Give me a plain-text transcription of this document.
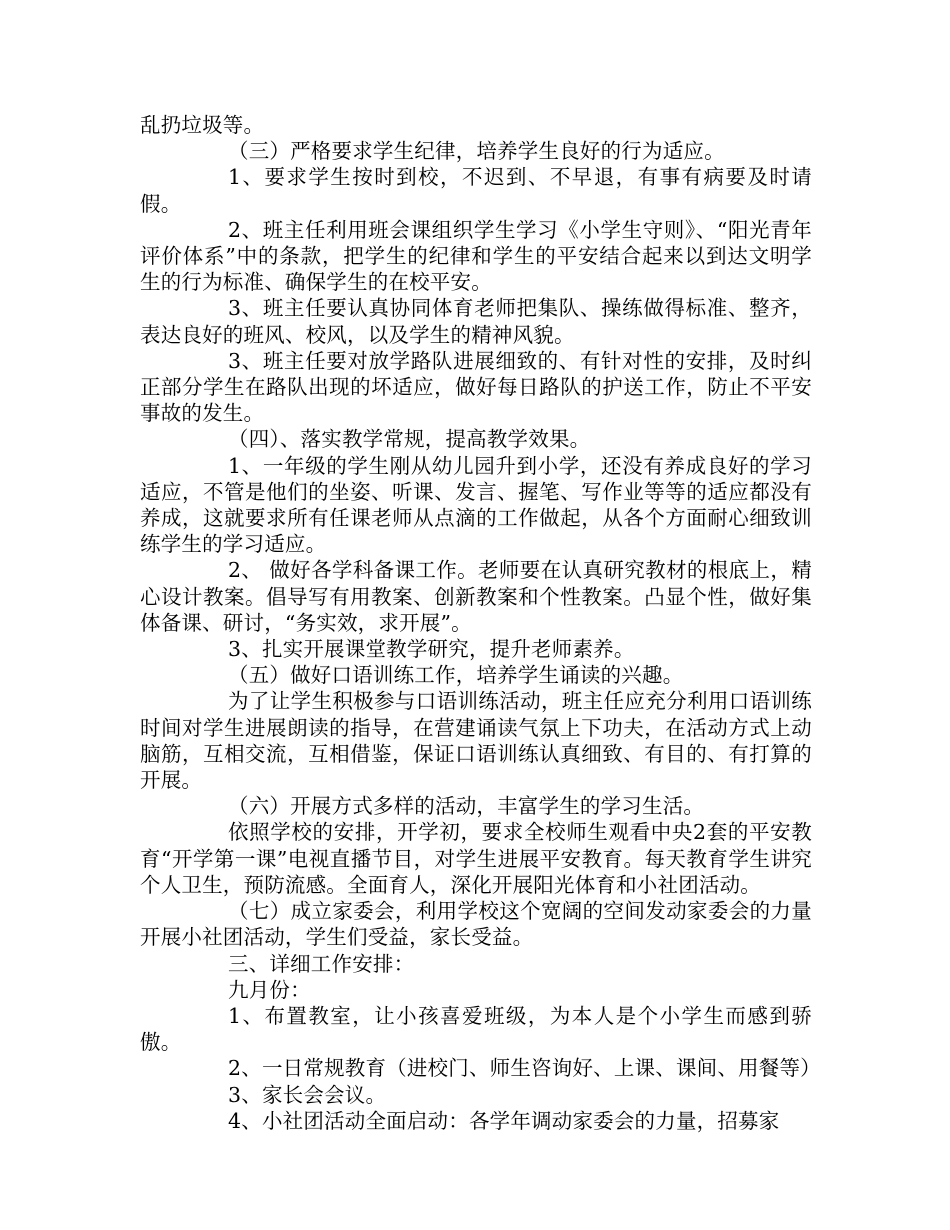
乱扔垃圾等。

（三）严格要求学生纪律，培养学生良好的行为适应。

1、要求学生按时到校，不迟到、不早退，有事有病要及时请假。

2、班主任利用班会课组织学生学习《小学生守则》、“阳光青年评价体系”中的条款，把学生的纪律和学生的平安结合起来以到达文明学生的行为标准、确保学生的在校平安。

3、班主任要认真协同体育老师把集队、操练做得标准、整齐，表达良好的班风、校风，以及学生的精神风貌。

3、班主任要对放学路队进展细致的、有针对性的安排，及时纠正部分学生在路队出现的坏适应，做好每日路队的护送工作，防止不平安事故的发生。

（四）、落实教学常规，提高教学效果。

1、一年级的学生刚从幼儿园升到小学，还没有养成良好的学习适应，不管是他们的坐姿、听课、发言、握笔、写作业等等的适应都没有养成，这就要求所有任课老师从点滴的工作做起，从各个方面耐心细致训练学生的学习适应。

2、 做好各学科备课工作。老师要在认真研究教材的根底上，精心设计教案。倡导写有用教案、创新教案和个性教案。凸显个性，做好集体备课、研讨，“务实效，求开展”。

3、扎实开展课堂教学研究，提升老师素养。

（五）做好口语训练工作，培养学生诵读的兴趣。

为了让学生积极参与口语训练活动，班主任应充分利用口语训练时间对学生进展朗读的指导，在营建诵读气氛上下功夫，在活动方式上动脑筋，互相交流，互相借鉴，保证口语训练认真细致、有目的、有打算的开展。

（六）开展方式多样的活动，丰富学生的学习生活。

依照学校的安排，开学初，要求全校师生观看中央2套的平安教育“开学第一课”电视直播节目，对学生进展平安教育。每天教育学生讲究个人卫生，预防流感。全面育人，深化开展阳光体育和小社团活动。

（七）成立家委会，利用学校这个宽阔的空间发动家委会的力量开展小社团活动，学生们受益，家长受益。

三、详细工作安排：

九月份：

1、布置教室，让小孩喜爱班级，为本人是个小学生而感到骄傲。

2、一日常规教育（进校门、师生咨询好、上课、课间、用餐等）

3、家长会会议。

4、小社团活动全面启动：各学年调动家委会的力量，招募家
